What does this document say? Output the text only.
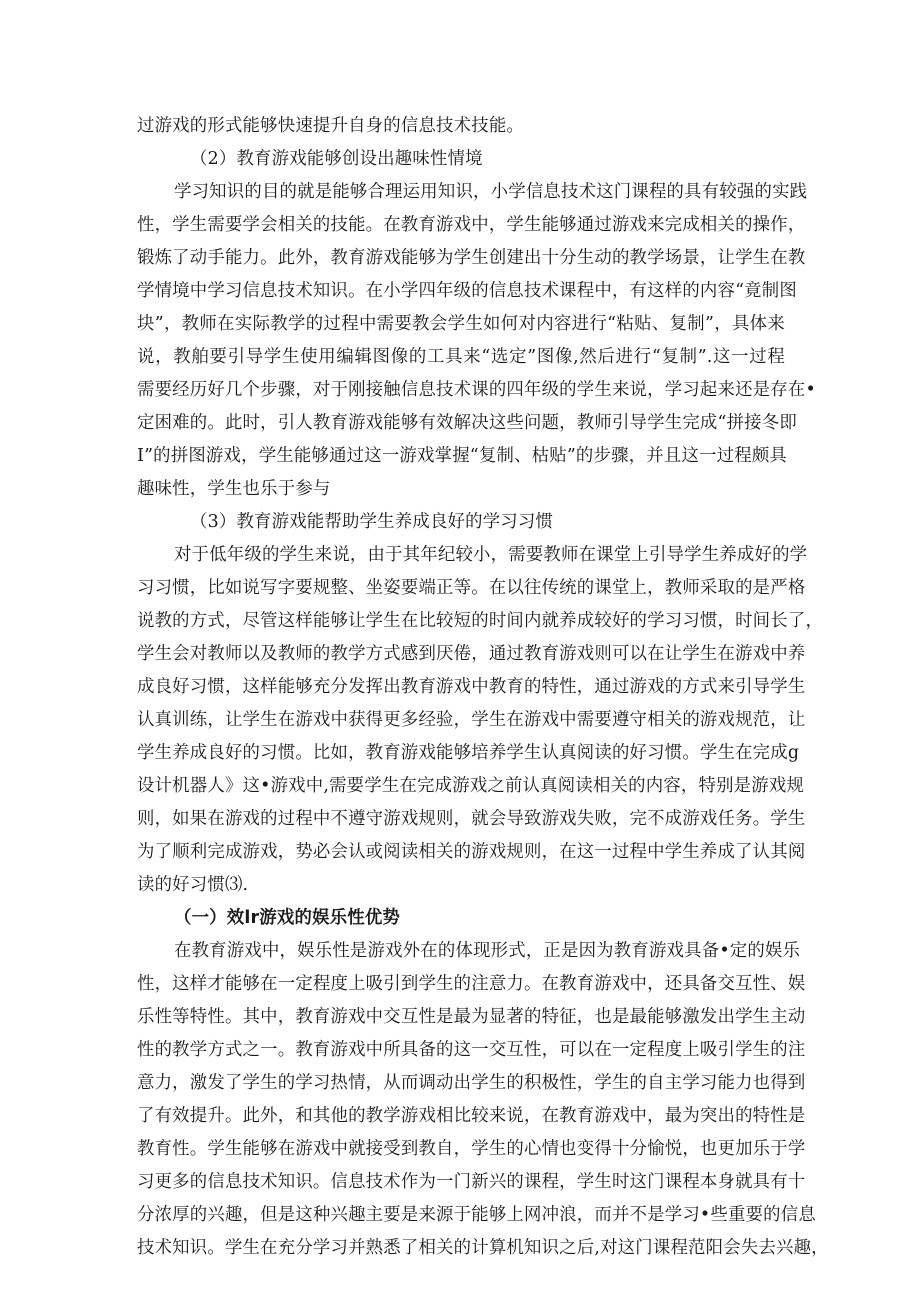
过游戏的形式能够快速提升自身的信息技术技能。
（2）教育游戏能够创设出趣味性情境
学习知识的目的就是能够合理运用知识，小学信息技术这门课程的具有较强的实践
性，学生需要学会相关的技能。在教育游戏中，学生能够通过游戏来完成相关的操作，
锻炼了动手能力。此外，教育游戏能够为学生创建出十分生动的教学场景，让学生在教
学情境中学习信息技术知识。在小学四年级的信息技术课程中，有这样的内容“竟制图
块”，教师在实际教学的过程中需要教会学生如何对内容进行“粘贴、复制”，具体来
说，教舶要引导学生使用编辑图像的工具来“选定”图像,然后进行“复制”.这一过程
需要经历好几个步骤，对于刚接触信息技术课的四年级的学生来说，学习起来还是存在•
定困难的。此时，引人教育游戏能够有效解决这些问题，教师引导学生完成“拼接冬即
I”的拼图游戏，学生能够通过这一游戏掌握“复制、枯贴”的步骤，并且这一过程颇具
趣味性，学生也乐于参与
（3）教育游戏能帮助学生养成良好的学习习惯
对于低年级的学生来说，由于其年纪较小，需要教师在课堂上引导学生养成好的学
习习惯，比如说写字要规整、坐姿要端正等。在以往传统的课堂上，教师采取的是严格
说教的方式，尽管这样能够让学生在比较短的时间内就养成较好的学习习惯，时间长了，
学生会对教师以及教师的教学方式感到厌倦，通过教育游戏则可以在让学生在游戏中养
成良好习惯，这样能够充分发挥出教育游戏中教育的特性，通过游戏的方式来引导学生
认真训练，让学生在游戏中获得更多经验，学生在游戏中需要遵守相关的游戏规范，让
学生养成良好的习惯。比如，教育游戏能够培养学生认真阅读的好习惯。学生在完成g
设计机器人》这•游戏中,需要学生在完成游戏之前认真阅读相关的内容，特别是游戏规
则，如果在游戏的过程中不遵守游戏规则，就会导致游戏失败，完不成游戏任务。学生
为了顺利完成游戏，势必会认或阅读相关的游戏规则，在这一过程中学生养成了认其阅
读的好习惯⑶.
（一）效lr游戏的娱乐性优势
在教育游戏中，娱乐性是游戏外在的体现形式，正是因为教育游戏具备•定的娱乐
性，这样才能够在一定程度上吸引到学生的注意力。在教育游戏中，还具备交互性、娱
乐性等特性。其中，教育游戏中交互性是最为显著的特征，也是最能够激发出学生主动
性的教学方式之一。教育游戏中所具备的这一交互性，可以在一定程度上吸引学生的注
意力，激发了学生的学习热情，从而调动出学生的积极性，学生的自主学习能力也得到
了有效提升。此外，和其他的教学游戏相比较来说，在教育游戏中，最为突出的特性是
教育性。学生能够在游戏中就接受到教自，学生的心情也变得十分愉悦，也更加乐于学
习更多的信息技术知识。信息技术作为一门新兴的课程，学生时这门课程本身就具有十
分浓厚的兴趣，但是这种兴趣主要是来源于能够上网冲浪，而并不是学习•些重要的信息
技术知识。学生在充分学习并熟悉了相关的计算机知识之后,对这门课程范阳会失去兴趣，
